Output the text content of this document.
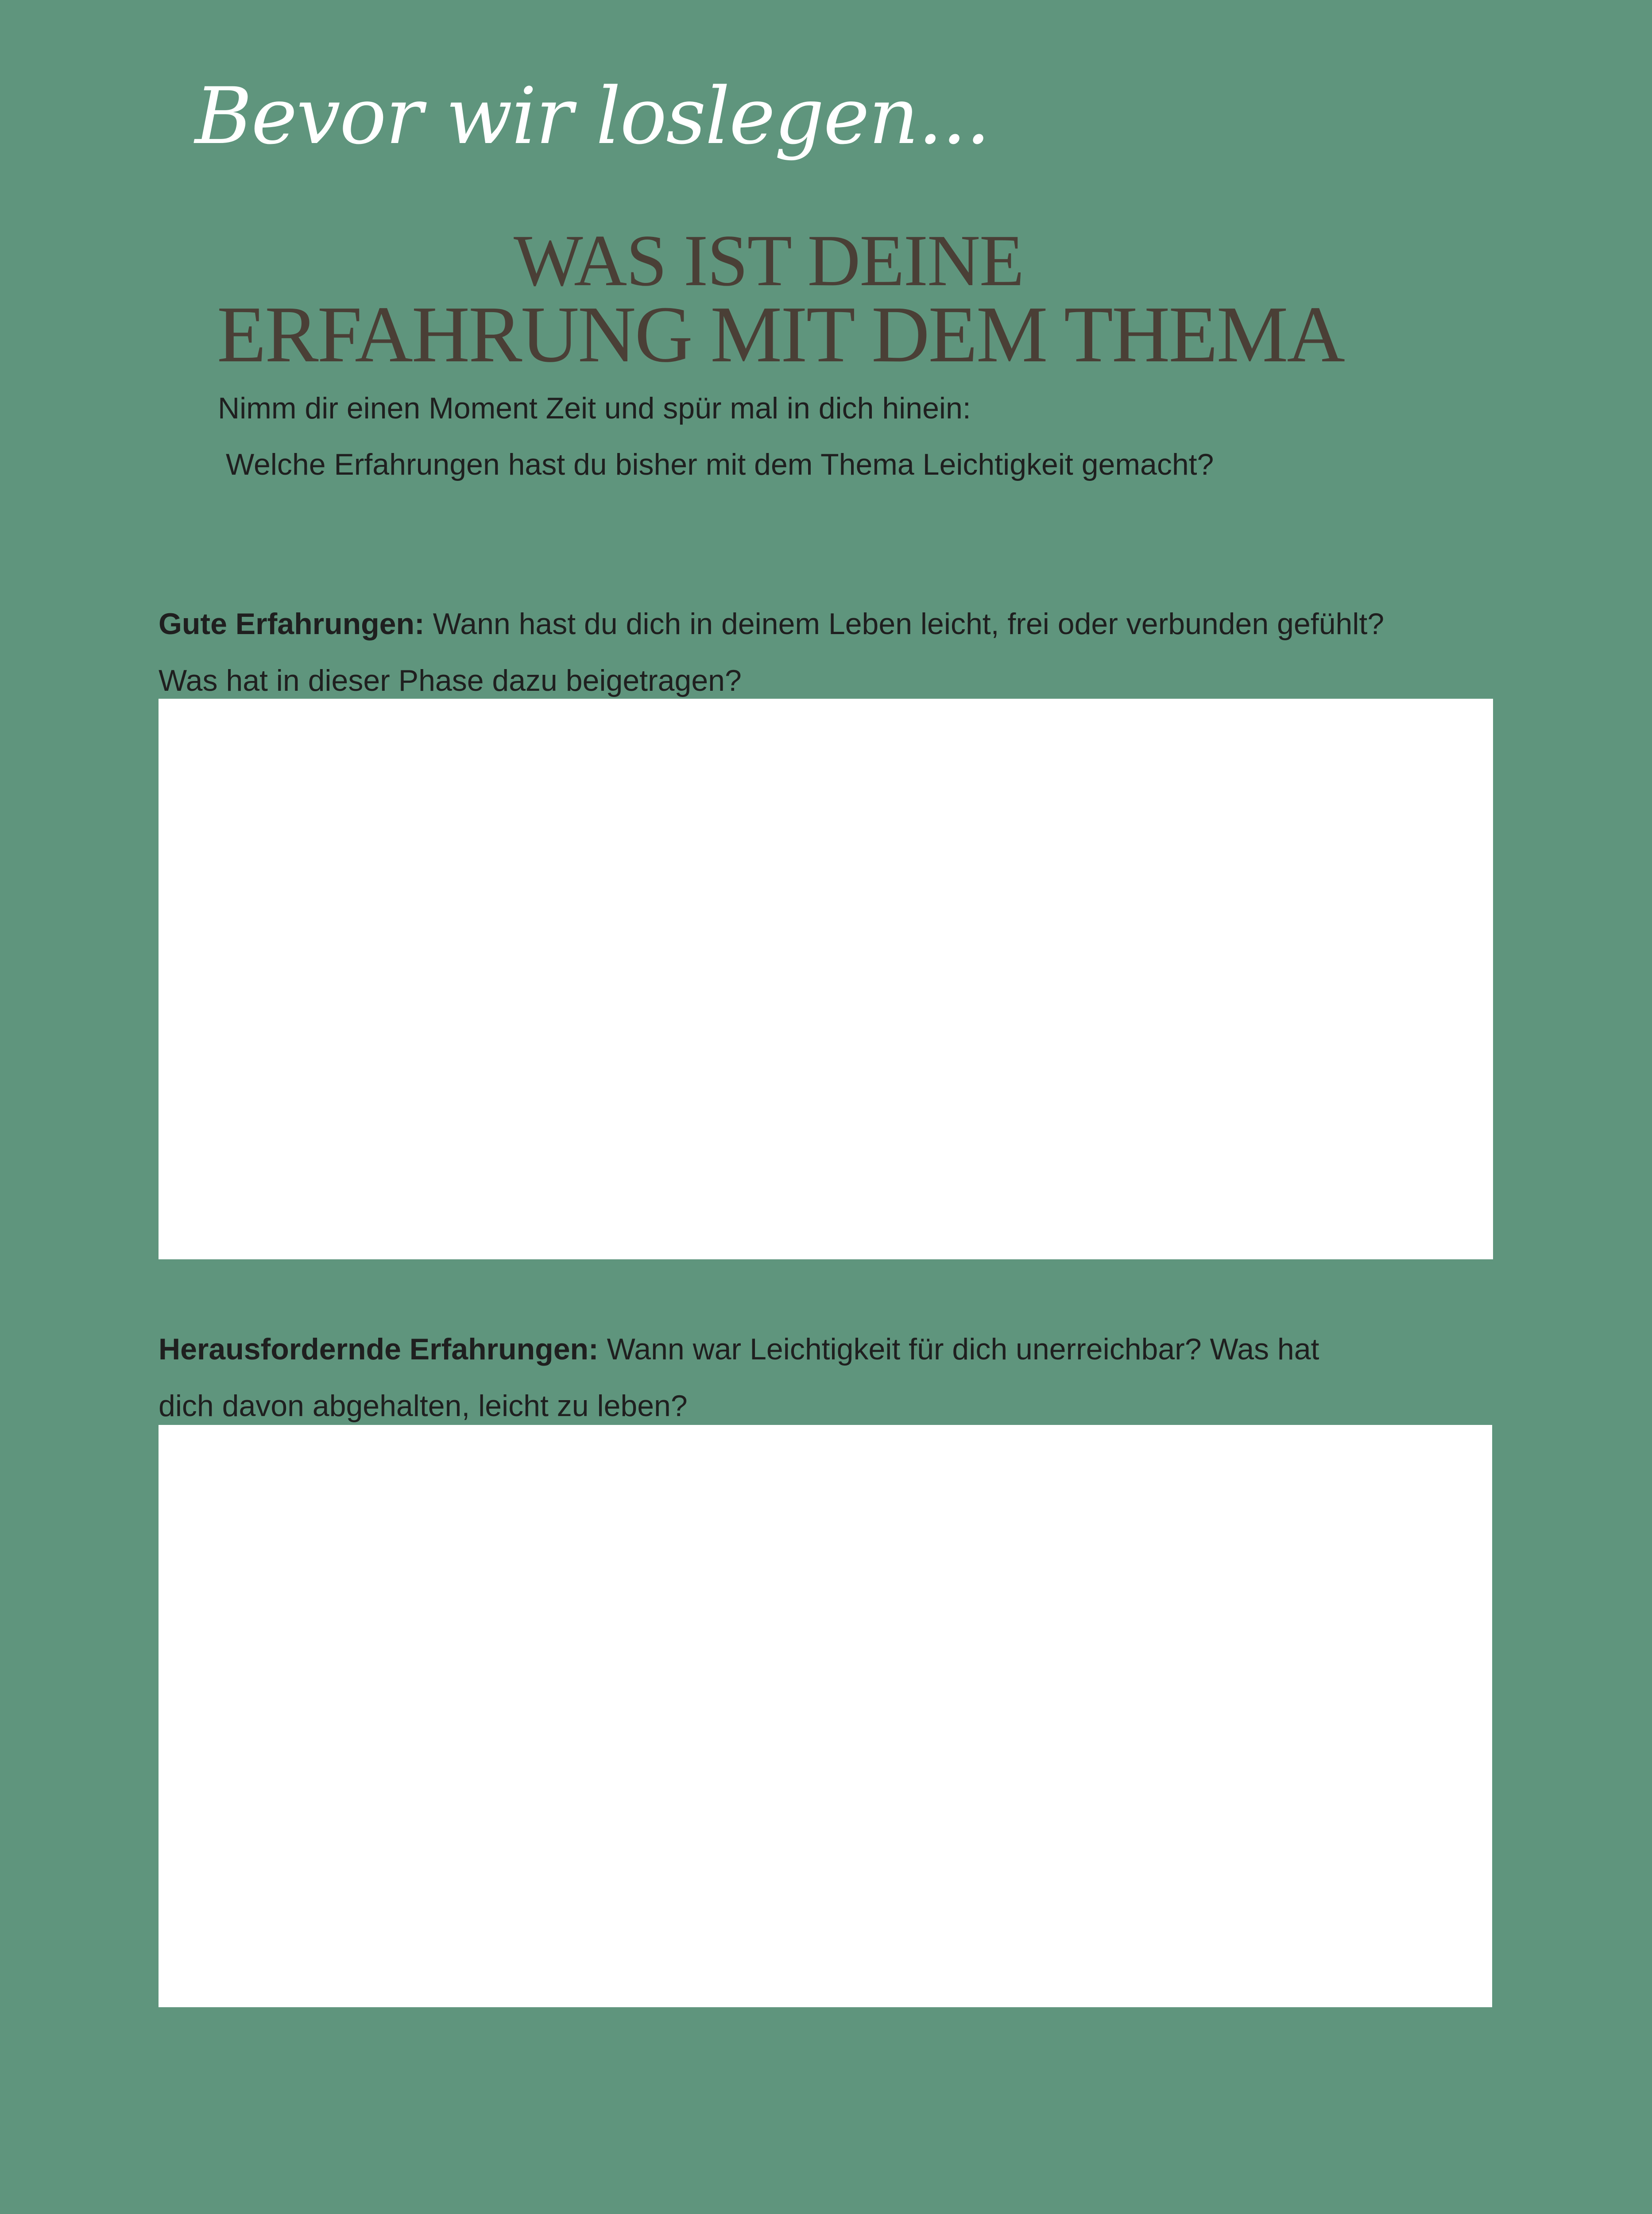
Bevor wir loslegen...
WAS IST DEINE
ERFAHRUNG MIT DEM THEMA
Nimm dir einen Moment Zeit und spür mal in dich hinein:
Welche Erfahrungen hast du bisher mit dem Thema Leichtigkeit gemacht?
Gute Erfahrungen: Wann hast du dich in deinem Leben leicht, frei oder verbunden gefühlt?
Was hat in dieser Phase dazu beigetragen?
Herausfordernde Erfahrungen: Wann war Leichtigkeit für dich unerreichbar? Was hat
dich davon abgehalten, leicht zu leben?
